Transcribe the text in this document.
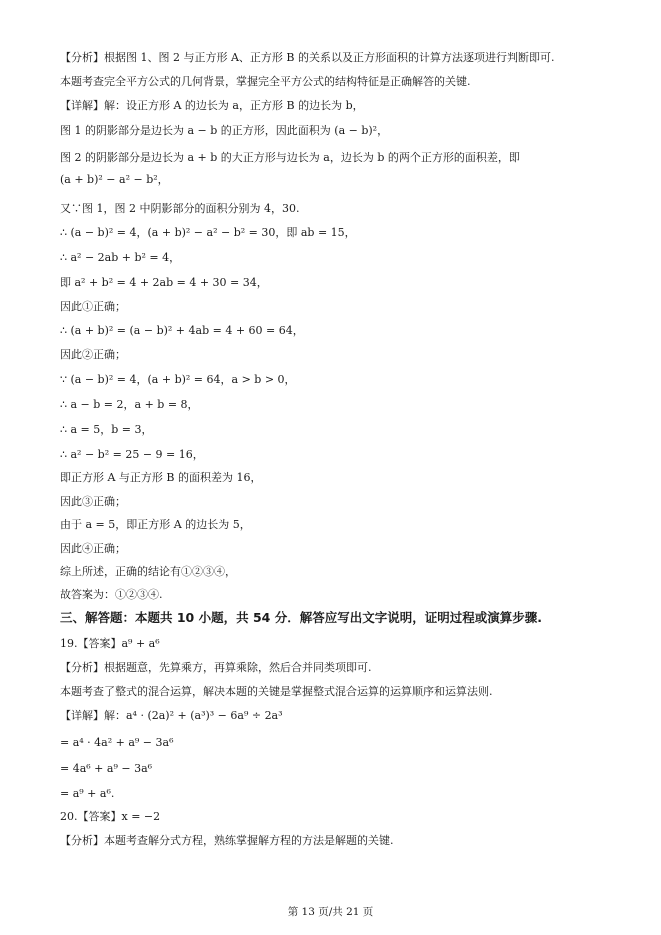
【分析】根据图 1、图 2 与正方形 A、正方形 B 的关系以及正方形面积的计算方法逐项进行判断即可.
本题考查完全平方公式的几何背景，掌握完全平方公式的结构特征是正确解答的关键.
【详解】解：设正方形 A 的边长为 a，正方形 B 的边长为 b，
图 1 的阴影部分是边长为 a − b 的正方形，因此面积为 (a − b)²，
图 2 的阴影部分是边长为 a + b 的大正方形与边长为 a，边长为 b 的两个正方形的面积差，即
(a + b)² − a² − b²，
又∵图 1，图 2 中阴影部分的面积分别为 4，30.
∴ (a − b)² = 4，(a + b)² − a² − b² = 30，即 ab = 15，
∴ a² − 2ab + b² = 4，
即 a² + b² = 4 + 2ab = 4 + 30 = 34，
因此①正确；
∴ (a + b)² = (a − b)² + 4ab = 4 + 60 = 64，
因此②正确；
∵ (a − b)² = 4，(a + b)² = 64，a > b > 0，
∴ a − b = 2，a + b = 8，
∴ a = 5，b = 3，
∴ a² − b² = 25 − 9 = 16，
即正方形 A 与正方形 B 的面积差为 16，
因此③正确；
由于 a = 5，即正方形 A 的边长为 5，
因此④正确；
综上所述，正确的结论有①②③④，
故答案为：①②③④.
三、解答题：本题共 10 小题，共 54 分．解答应写出文字说明，证明过程或演算步骤.
19.【答案】a⁹ + a⁶
【分析】根据题意，先算乘方，再算乘除，然后合并同类项即可.
本题考查了整式的混合运算，解决本题的关键是掌握整式混合运算的运算顺序和运算法则.
【详解】解：a⁴ · (2a)² + (a³)³ − 6a⁹ ÷ 2a³
= a⁴ · 4a² + a⁹ − 3a⁶
= 4a⁶ + a⁹ − 3a⁶
= a⁹ + a⁶.
20.【答案】x = −2
【分析】本题考查解分式方程，熟练掌握解方程的方法是解题的关键.
第 13 页/共 21 页
